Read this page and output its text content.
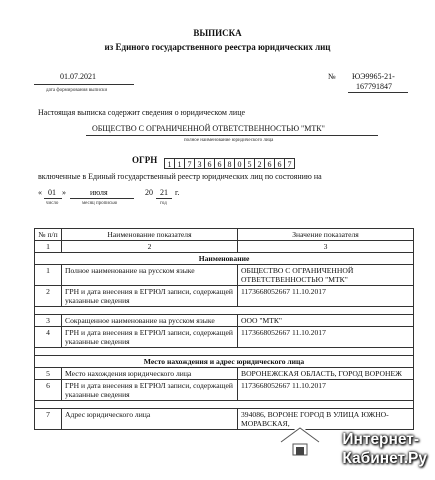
ВЫПИСКА
из Единого государственного реестра юридических лиц
01.07.2021
дата формирования выписки
№ ЮЭ9965-21-
167791847
Настоящая выписка содержит сведения о юридическом лице
ОБЩЕСТВО С ОГРАНИЧЕННОЙ ОТВЕТСТВЕННОСТЬЮ "МТК"
полное наименование юридического лица
ОГРН	1 1 7 3 6 6 8 0 5 2 6 6 7
включенные в Единый государственный реестр юридических лиц по состоянию на
« 01 »	июля	20 21 г.
число	месяц прописью	год
№ п/п	Наименование показателя	Значение показателя
1	2	3
Наименование		
1	Полное наименование на русском языке	ОБЩЕСТВО С ОГРАНИЧЕННОЙ ОТВЕТСТВЕННОСТЬЮ "МТК"
2	ГРН и дата внесения в ЕГРЮЛ записи, содержащей указанные сведения	1173668052667 11.10.2017

3	Сокращенное наименование на русском языке	ООО "МТК"
4	ГРН и дата внесения в ЕГРЮЛ записи, содержащей указанные сведения	1173668052667 11.10.2017

Место нахождения и адрес юридического лица		
5	Место нахождения юридического лица	ВОРОНЕЖСКАЯ ОБЛАСТЬ, ГОРОД ВОРОНЕЖ
6	ГРН и дата внесения в ЕГРЮЛ записи, содержащей указанные сведения	1173668052667 11.10.2017

7	Адрес юридического лица	394086, ВОРОНЕ ГОРОД В УЛИЦА ЮЖНО-МОРАВСКАЯ,
Интернет-
Кабинет.Ру
